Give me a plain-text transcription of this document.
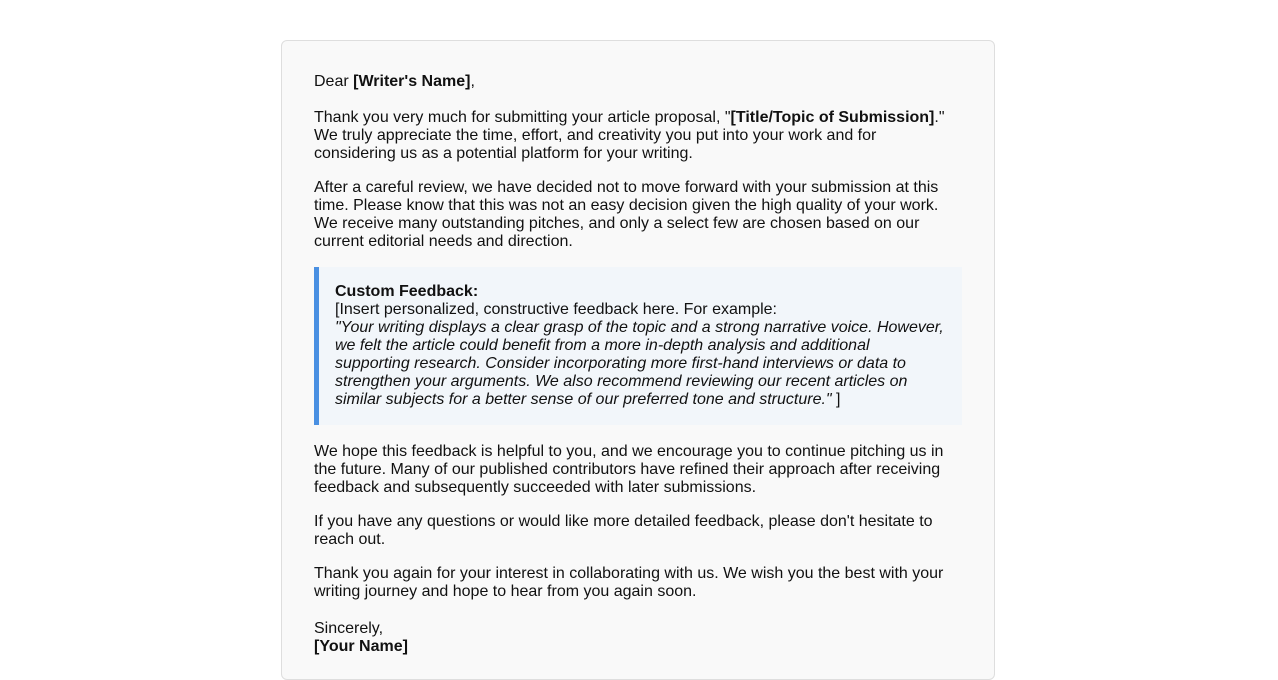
Dear [Writer's Name],

Thank you very much for submitting your article proposal, "[Title/Topic of Submission]." We truly appreciate the time, effort, and creativity you put into your work and for considering us as a potential platform for your writing.

After a careful review, we have decided not to move forward with your submission at this time. Please know that this was not an easy decision given the high quality of your work. We receive many outstanding pitches, and only a select few are chosen based on our current editorial needs and direction.

Custom Feedback:
[Insert personalized, constructive feedback here. For example:
"Your writing displays a clear grasp of the topic and a strong narrative voice. However, we felt the article could benefit from a more in-depth analysis and additional supporting research. Consider incorporating more first-hand interviews or data to strengthen your arguments. We also recommend reviewing our recent articles on similar subjects for a better sense of our preferred tone and structure." ]

We hope this feedback is helpful to you, and we encourage you to continue pitching us in the future. Many of our published contributors have refined their approach after receiving feedback and subsequently succeeded with later submissions.

If you have any questions or would like more detailed feedback, please don't hesitate to reach out.

Thank you again for your interest in collaborating with us. We wish you the best with your writing journey and hope to hear from you again soon.

Sincerely,

[Your Name]
